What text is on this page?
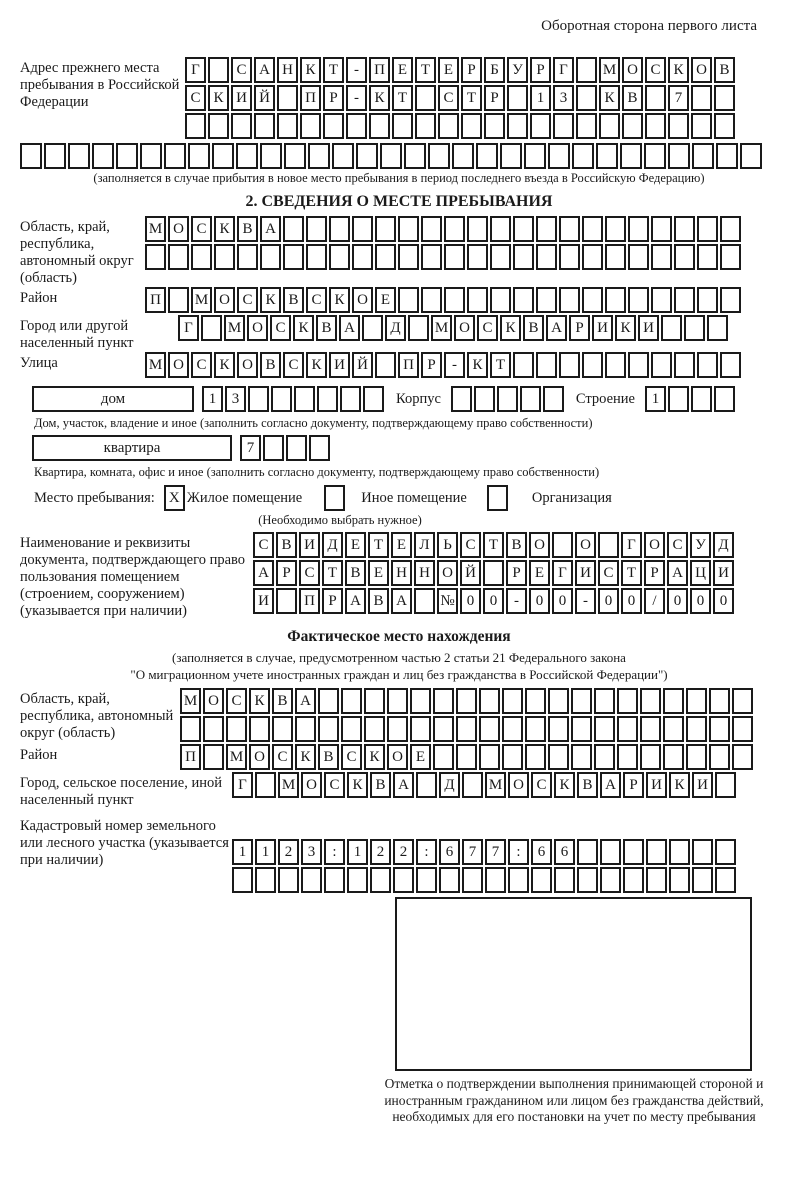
Оборотная сторона первого листа
Адрес прежнего места пребывания в Российской Федерации
Г С А Н К Т - П Е Т Е Р Б У Р Г М О С К О В
С К И Й П Р - К Т С Т Р	1 3 К В 7
(заполняется в случае прибытия в новое место пребывания в период последнего въезда в Российскую Федерацию)
2. СВЕДЕНИЯ О МЕСТЕ ПРЕБЫВАНИЯ
Область, край, республика, автономный округ (область)
М О С К В А
Район	П М О С К В С К О Е
Город или другой населенный пункт
Г М О С К В А Д М О С К В А Р И К И
Улица	М О С К О В С К И Й П Р - К Т
дом	1 3	Корпус	Строение	1
Дом, участок, владение и иное (заполнить согласно документу, подтверждающему право собственности)
квартира	7
Квартира, комната, офис и иное (заполнить согласно документу, подтверждающему право собственности)
Место пребывания: X Жилое помещение	Иное помещение	Организация
(Необходимо выбрать нужное)
Наименование и реквизиты документа, подтверждающего право пользования помещением (строением, сооружением) (указывается при наличии)
С В И Д Е Т Е Л Ь С Т В О О Г О С У Д
А Р С Т В Е Н Н О Й Р Е Г И С Т Р А Ц И
И П Р А В А № 0 0 - 0 0 - 0 0 / 0 0 0
Фактическое место нахождения
(заполняется в случае, предусмотренном частью 2 статьи 21 Федерального закона
"О миграционном учете иностранных граждан и лиц без гражданства в Российской Федерации")
Область, край, республика, автономный округ (область)
М О С К В А
Район	П М О С К В С К О Е
Город, сельское поселение, иной населенный пункт
Г М О С К В А Д М О С К В А Р И К И
Кадастровый номер земельного или лесного участка (указывается при наличии)	1 1 2 3 : 1 2 2 : 6 7 7 : 6 6
Отметка о подтверждении выполнения принимающей стороной и иностранным гражданином или лицом без гражданства действий, необходимых для его постановки на учет по месту пребывания
